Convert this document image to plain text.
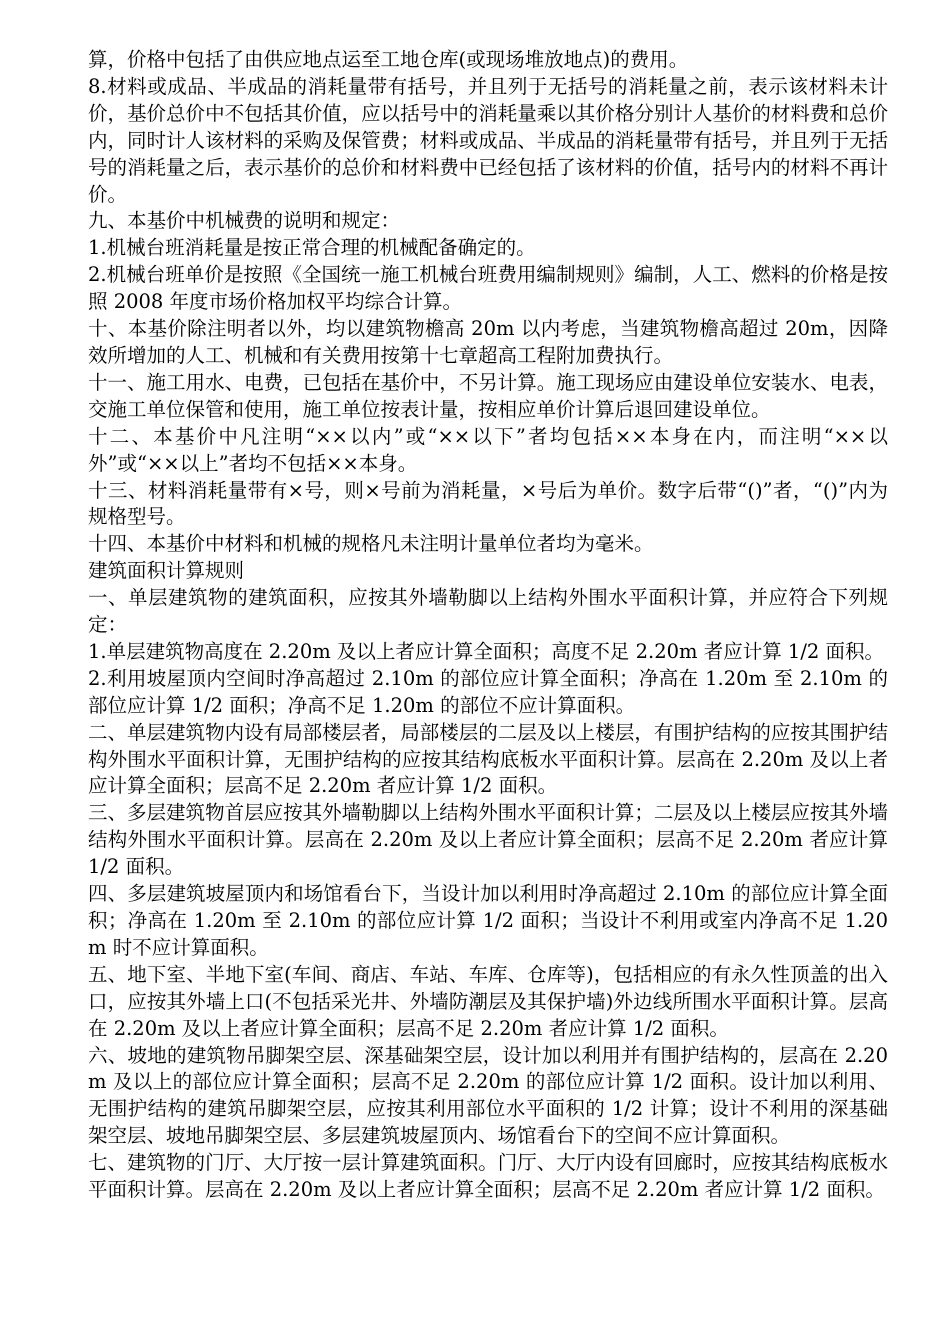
算，价格中包括了由供应地点运至工地仓库(或现场堆放地点)的费用。

8.材料或成品、半成品的消耗量带有括号，并且列于无括号的消耗量之前，表示该材料未计价，基价总价中不包括其价值，应以括号中的消耗量乘以其价格分别计人基价的材料费和总价内，同时计人该材料的采购及保管费；材料或成品、半成品的消耗量带有括号，并且列于无括号的消耗量之后，表示基价的总价和材料费中已经包括了该材料的价值，括号内的材料不再计价。

九、本基价中机械费的说明和规定：

1.机械台班消耗量是按正常合理的机械配备确定的。

2.机械台班单价是按照《全国统一施工机械台班费用编制规则》编制，人工、燃料的价格是按照 2008 年度市场价格加权平均综合计算。

十、本基价除注明者以外，均以建筑物檐高 20m 以内考虑，当建筑物檐高超过 20m，因降效所增加的人工、机械和有关费用按第十七章超高工程附加费执行。

十一、施工用水、电费，已包括在基价中，不另计算。施工现场应由建设单位安装水、电表，交施工单位保管和使用，施工单位按表计量，按相应单价计算后退回建设单位。

十二、本基价中凡注明“××以内”或“××以下”者均包括××本身在内，而注明“××以外”或“××以上”者均不包括××本身。

十三、材料消耗量带有×号，则×号前为消耗量，×号后为单价。数字后带“()”者，“()”内为规格型号。

十四、本基价中材料和机械的规格凡未注明计量单位者均为毫米。

建筑面积计算规则

一、单层建筑物的建筑面积，应按其外墙勒脚以上结构外围水平面积计算，并应符合下列规定：

1.单层建筑物高度在 2.20m 及以上者应计算全面积；高度不足 2.20m 者应计算 1/2 面积。

2.利用坡屋顶内空间时净高超过 2.10m 的部位应计算全面积；净高在 1.20m 至 2.10m 的部位应计算 1/2 面积；净高不足 1.20m 的部位不应计算面积。

二、单层建筑物内设有局部楼层者，局部楼层的二层及以上楼层，有围护结构的应按其围护结构外围水平面积计算，无围护结构的应按其结构底板水平面积计算。层高在 2.20m 及以上者应计算全面积；层高不足 2.20m 者应计算 1/2 面积。

三、多层建筑物首层应按其外墙勒脚以上结构外围水平面积计算；二层及以上楼层应按其外墙结构外围水平面积计算。层高在 2.20m 及以上者应计算全面积；层高不足 2.20m 者应计算 1/2 面积。

四、多层建筑坡屋顶内和场馆看台下，当设计加以利用时净高超过 2.10m 的部位应计算全面积；净高在 1.20m 至 2.10m 的部位应计算 1/2 面积；当设计不利用或室内净高不足 1.20m 时不应计算面积。

五、地下室、半地下室(车间、商店、车站、车库、仓库等)，包括相应的有永久性顶盖的出入口，应按其外墙上口(不包括采光井、外墙防潮层及其保护墙)外边线所围水平面积计算。层高在 2.20m 及以上者应计算全面积；层高不足 2.20m 者应计算 1/2 面积。

六、坡地的建筑物吊脚架空层、深基础架空层，设计加以利用并有围护结构的，层高在 2.20m 及以上的部位应计算全面积；层高不足 2.20m 的部位应计算 1/2 面积。设计加以利用、无围护结构的建筑吊脚架空层，应按其利用部位水平面积的 1/2 计算；设计不利用的深基础架空层、坡地吊脚架空层、多层建筑坡屋顶内、场馆看台下的空间不应计算面积。

七、建筑物的门厅、大厅按一层计算建筑面积。门厅、大厅内设有回廊时，应按其结构底板水平面积计算。层高在 2.20m 及以上者应计算全面积；层高不足 2.20m 者应计算 1/2 面积。
